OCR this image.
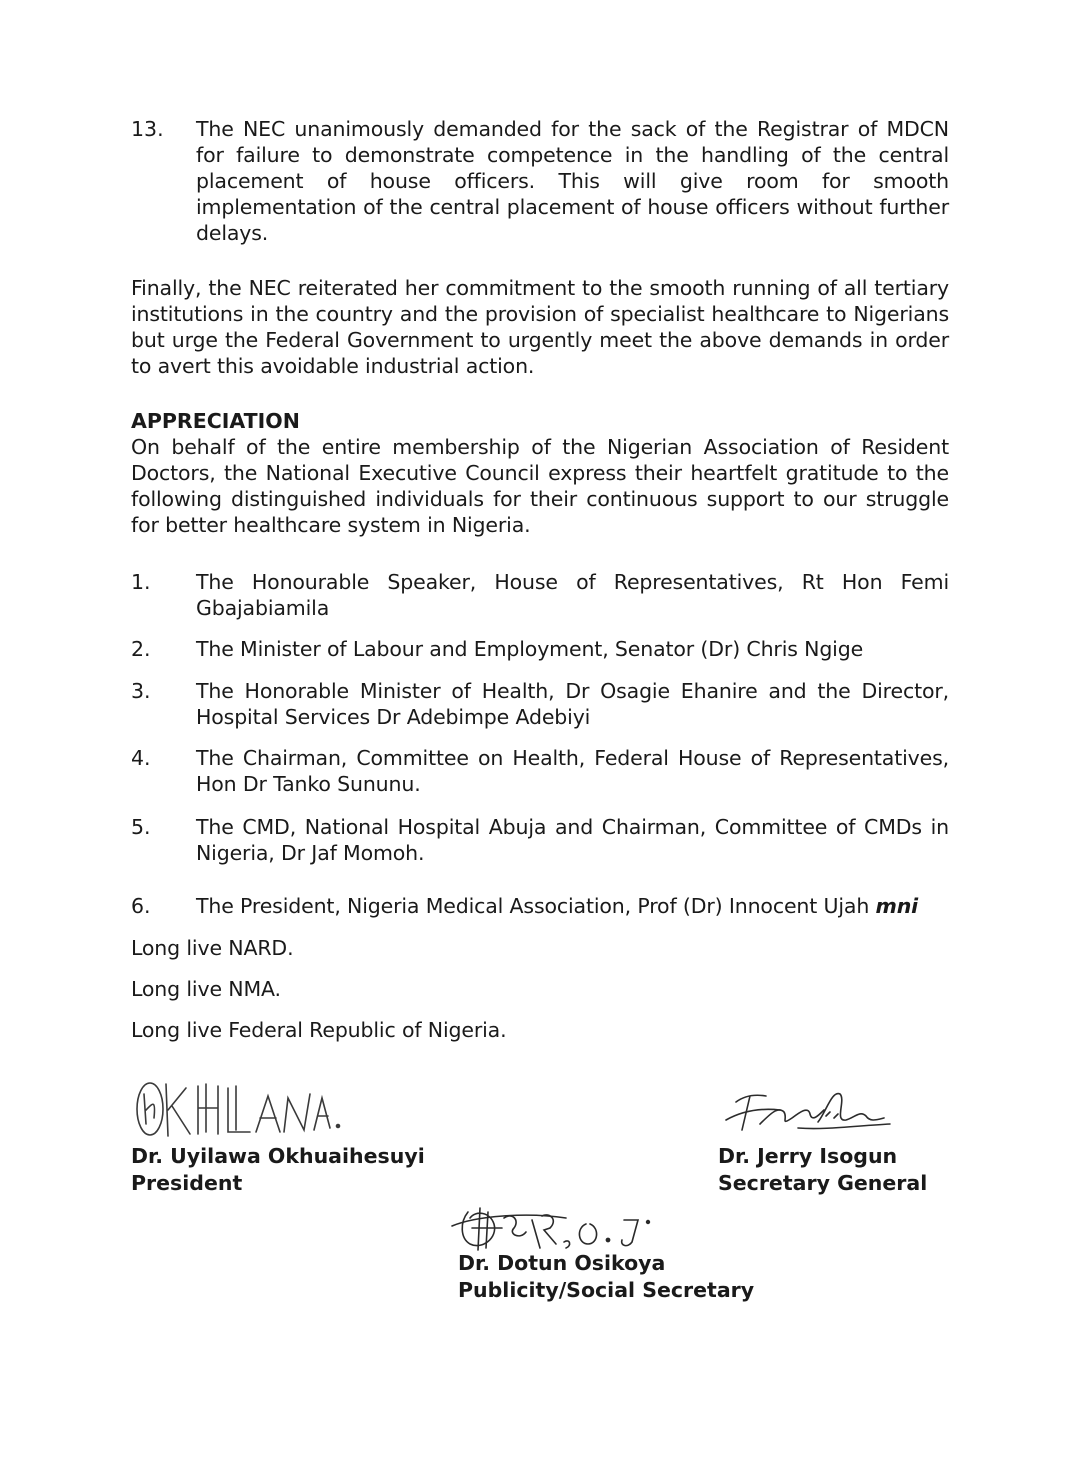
13. The NEC unanimously demanded for the sack of the Registrar of MDCN for failure to demonstrate competence in the handling of the central placement of house officers. This will give room for smooth implementation of the central placement of house officers without further delays.
Finally, the NEC reiterated her commitment to the smooth running of all tertiary institutions in the country and the provision of specialist healthcare to Nigerians but urge the Federal Government to urgently meet the above demands in order to avert this avoidable industrial action.
APPRECIATION
On behalf of the entire membership of the Nigerian Association of Resident Doctors, the National Executive Council express their heartfelt gratitude to the following distinguished individuals for their continuous support to our struggle for better healthcare system in Nigeria.
1. The Honourable Speaker, House of Representatives, Rt Hon Femi Gbajabiamila
2. The Minister of Labour and Employment, Senator (Dr) Chris Ngige
3. The Honorable Minister of Health, Dr Osagie Ehanire and the Director, Hospital Services Dr Adebimpe Adebiyi
4. The Chairman, Committee on Health, Federal House of Representatives, Hon Dr Tanko Sununu.
5. The CMD, National Hospital Abuja and Chairman, Committee of CMDs in Nigeria, Dr Jaf Momoh.
6. The President, Nigeria Medical Association, Prof (Dr) Innocent Ujah mni
Long live NARD.
Long live NMA.
Long live Federal Republic of Nigeria.
Dr. Uyilawa Okhuaihesuyi
President
Dr. Jerry Isogun
Secretary General
Dr. Dotun Osikoya
Publicity/Social Secretary
